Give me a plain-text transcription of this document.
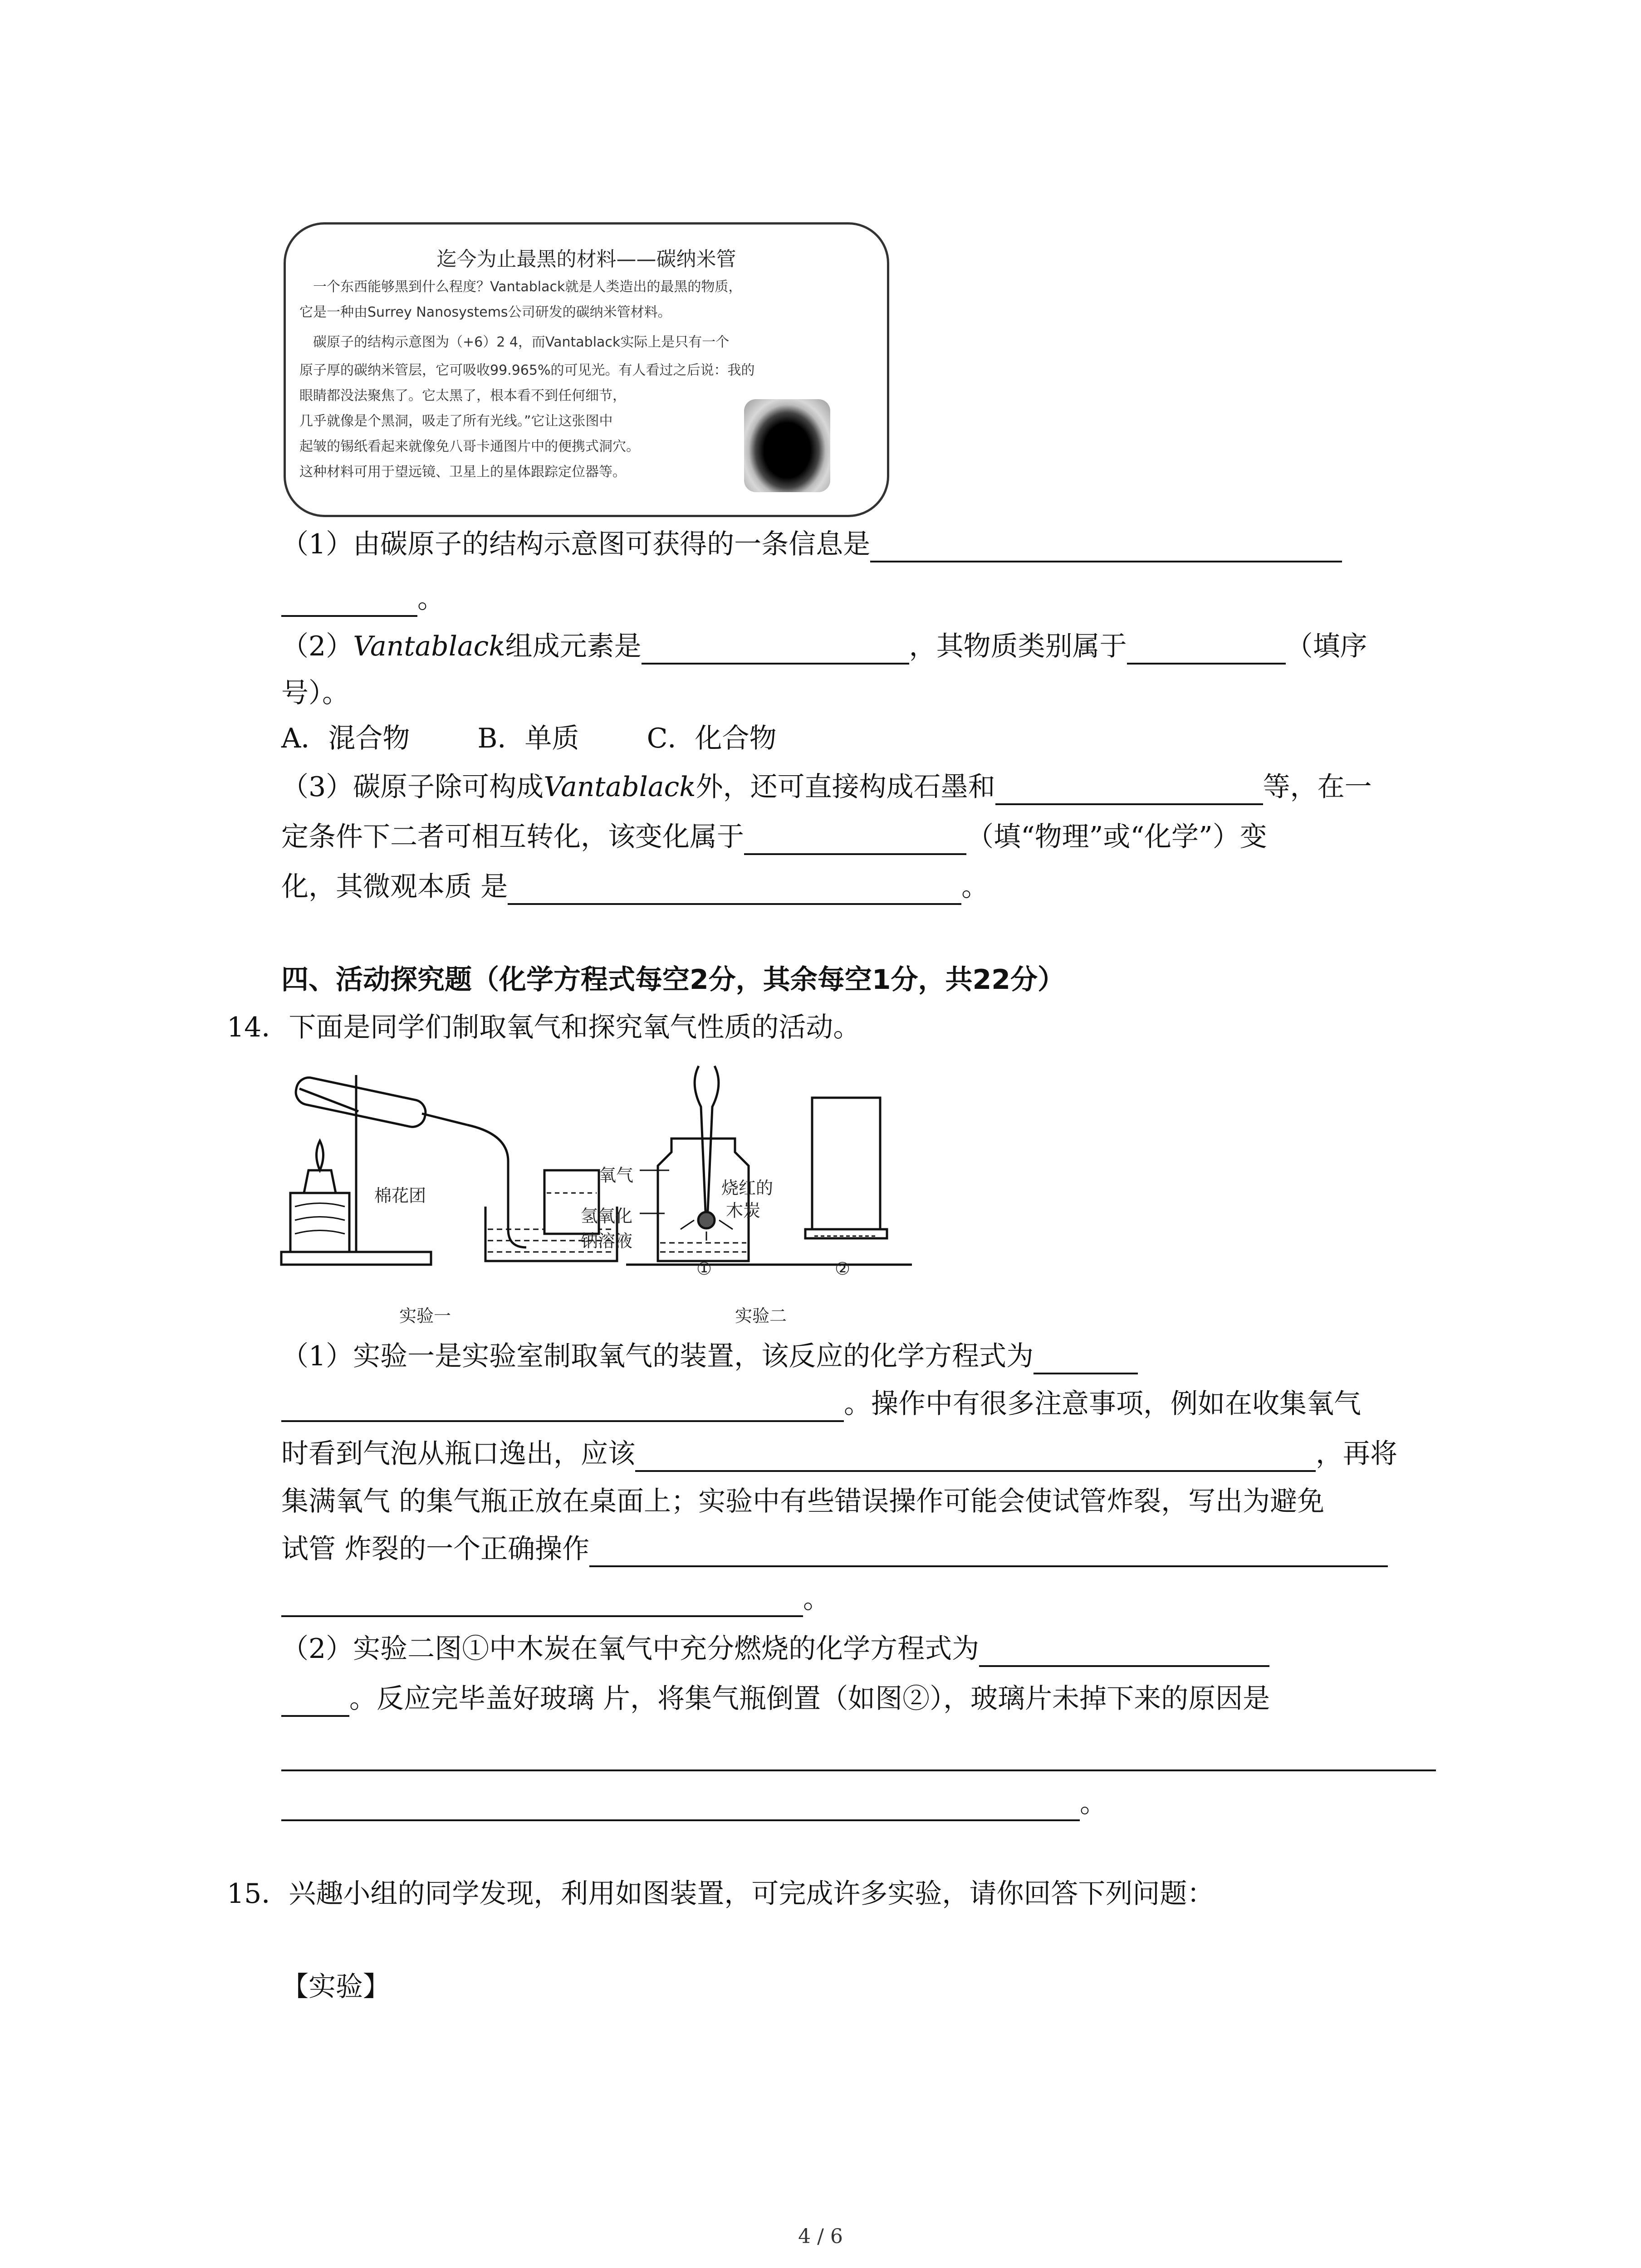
迄今为止最黑的材料——碳纳米管
一个东西能够黑到什么程度？Vantablack就是人类造出的最黑的物质，
它是一种由Surrey Nanosystems公司研发的碳纳米管材料。
碳原子的结构示意图为（+6）2 4，而Vantablack实际上是只有一个
原子厚的碳纳米管层，它可吸收99.965%的可见光。有人看过之后说：我的
眼睛都没法聚焦了。它太黑了，根本看不到任何细节，
几乎就像是个黑洞，吸走了所有光线。”它让这张图中
起皱的锡纸看起来就像免八哥卡通图片中的便携式洞穴。
这种材料可用于望远镜、卫星上的星体跟踪定位器等。
（1）由碳原子的结构示意图可获得的一条信息是
。
（2）Vantablack组成元素是	，其物质类别属于	（填序
号）。
A．混合物 B．单质 C．化合物
（3）碳原子除可构成Vantablack外，还可直接构成石墨和	等，在一
定条件下二者可相互转化，该变化属于	（填“物理”或“化学”）变
化，其微观本质 是	。
四、活动探究题（化学方程式每空2分，其余每空1分，共22分）
14．下面是同学们制取氧气和探究氧气性质的活动。
棉花团
氧气
烧红的
木炭
氢氧化
钠溶液
①	②
实验一	实验二
（1）实验一是实验室制取氧气的装置，该反应的化学方程式为
。操作中有很多注意事项，例如在收集氧气
时看到气泡从瓶口逸出，应该	，再将
集满氧气 的集气瓶正放在桌面上；实验中有些错误操作可能会使试管炸裂，写出为避免
试管 炸裂的一个正确操作
。
（2）实验二图①中木炭在氧气中充分燃烧的化学方程式为
。反应完毕盖好玻璃 片，将集气瓶倒置（如图②），玻璃片未掉下来的原因是
。
15．兴趣小组的同学发现，利用如图装置，可完成许多实验，请你回答下列问题：
【实验】
4 / 6
